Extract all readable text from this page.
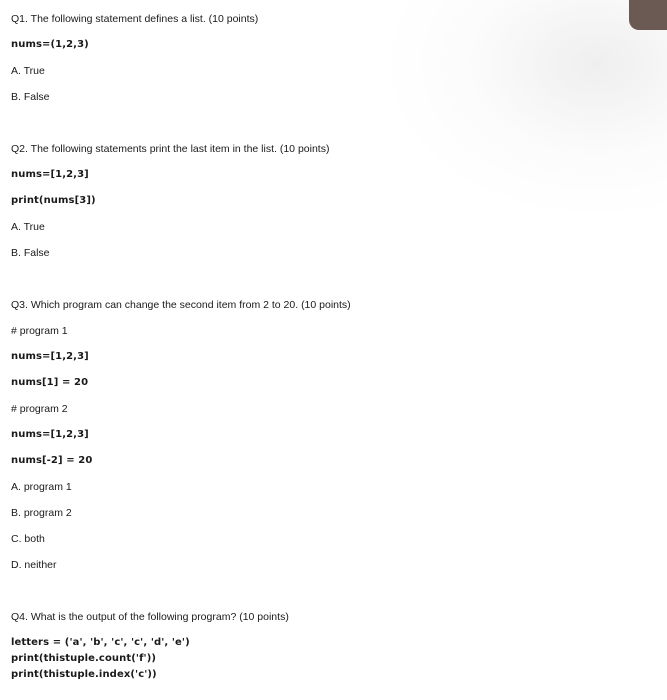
Q1. The following statement defines a list. (10 points)
nums=(1,2,3)
A. True
B. False
Q2. The following statements print the last item in the list. (10 points)
nums=[1,2,3]
print(nums[3])
A. True
B. False
Q3. Which program can change the second item from 2 to 20. (10 points)
# program 1
nums=[1,2,3]
nums[1] = 20
# program 2
nums=[1,2,3]
nums[-2] = 20
A. program 1
B. program 2
C. both
D. neither
Q4. What is the output of the following program? (10 points)
letters = ('a', 'b', 'c', 'c', 'd', 'e')
print(thistuple.count('f'))
print(thistuple.index('c'))
